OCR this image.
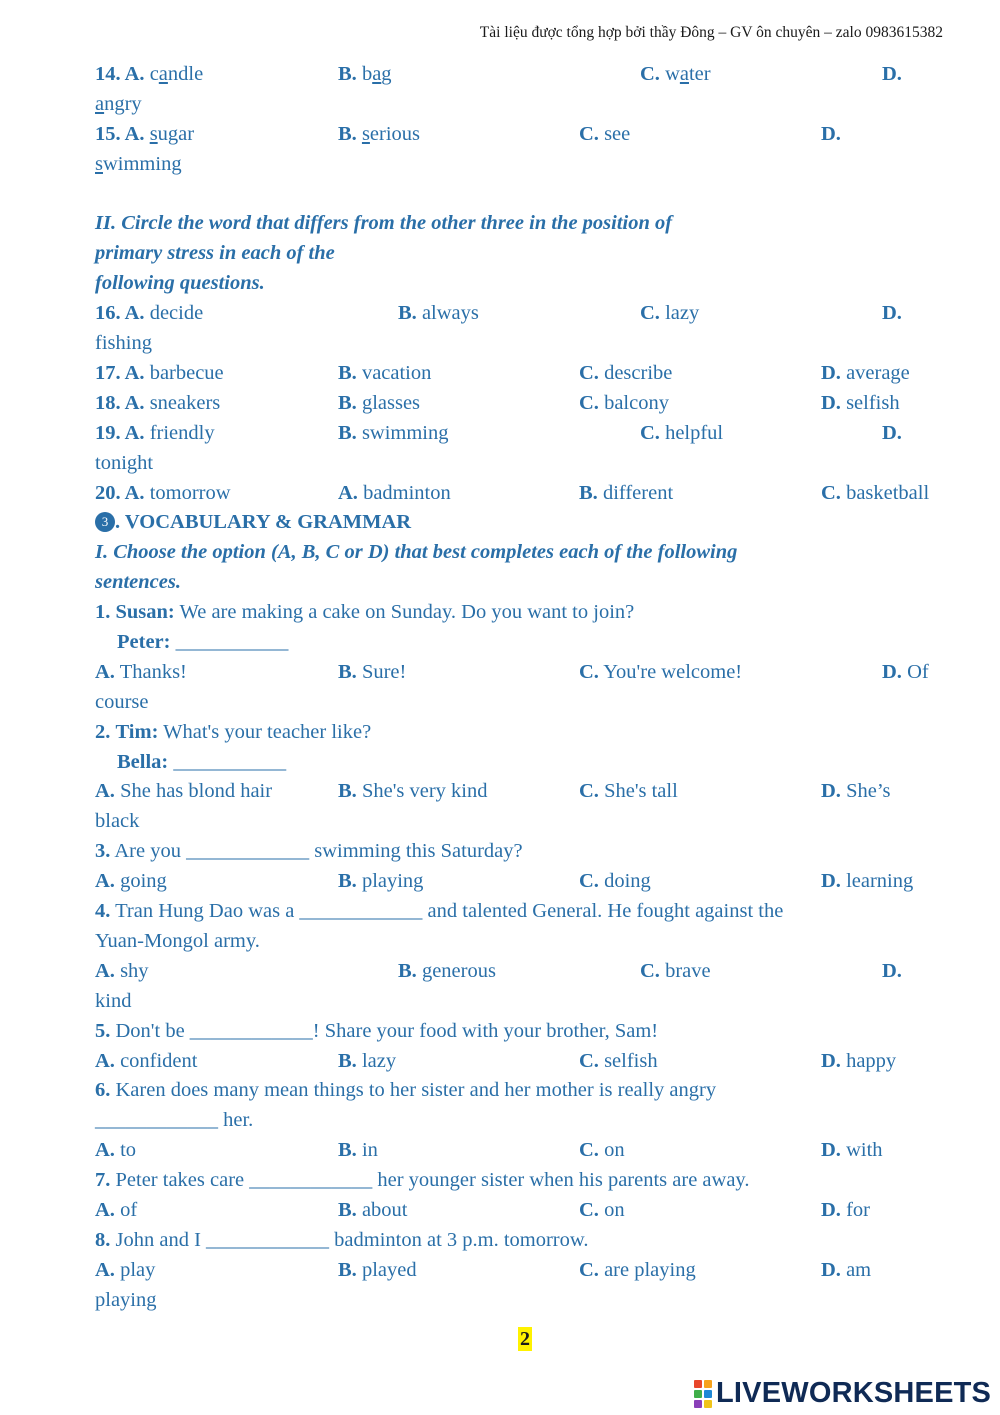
Tài liệu được tổng hợp bởi thầy Đông – GV ôn chuyên – zalo 0983615382
14. A. candle	B. bag	C. water	D.
angry
15. A. sugar	B. serious	C. see	D.
swimming
II. Circle the word that differs from the other three in the position of
primary stress in each of the
following questions.
16. A. decide	B. always	C. lazy	D.
fishing
17. A. barbecue	B. vacation	C. describe	D. average
18. A. sneakers	B. glasses	C. balcony	D. selfish
19. A. friendly	B. swimming	C. helpful	D.
tonight
20. A. tomorrow	A. badminton	B. different	C. basketball
3 . VOCABULARY & GRAMMAR
I. Choose the option (A, B, C or D) that best completes each of the following
sentences.
1. Susan: We are making a cake on Sunday. Do you want to join?
Peter: ___________
A. Thanks!	B. Sure!	C. You're welcome!	D. Of
course
2. Tim: What's your teacher like?
Bella: ___________
A. She has blond hair	B. She's very kind	C. She's tall	D. She’s
black
3. Are you ____________ swimming this Saturday?
A. going	B. playing	C. doing	D. learning
4. Tran Hung Dao was a ____________ and talented General. He fought against the
Yuan-Mongol army.
A. shy	B. generous	C. brave	D.
kind
5. Don't be ____________! Share your food with your brother, Sam!
A. confident	B. lazy	C. selfish	D. happy
6. Karen does many mean things to her sister and her mother is really angry
____________ her.
A. to	B. in	C. on	D. with
7. Peter takes care ____________ her younger sister when his parents are away.
A. of	B. about	C. on	D. for
8. John and I ____________ badminton at 3 p.m. tomorrow.
A. play	B. played	C. are playing	D. am
playing
2
LIVEWORKSHEETS
